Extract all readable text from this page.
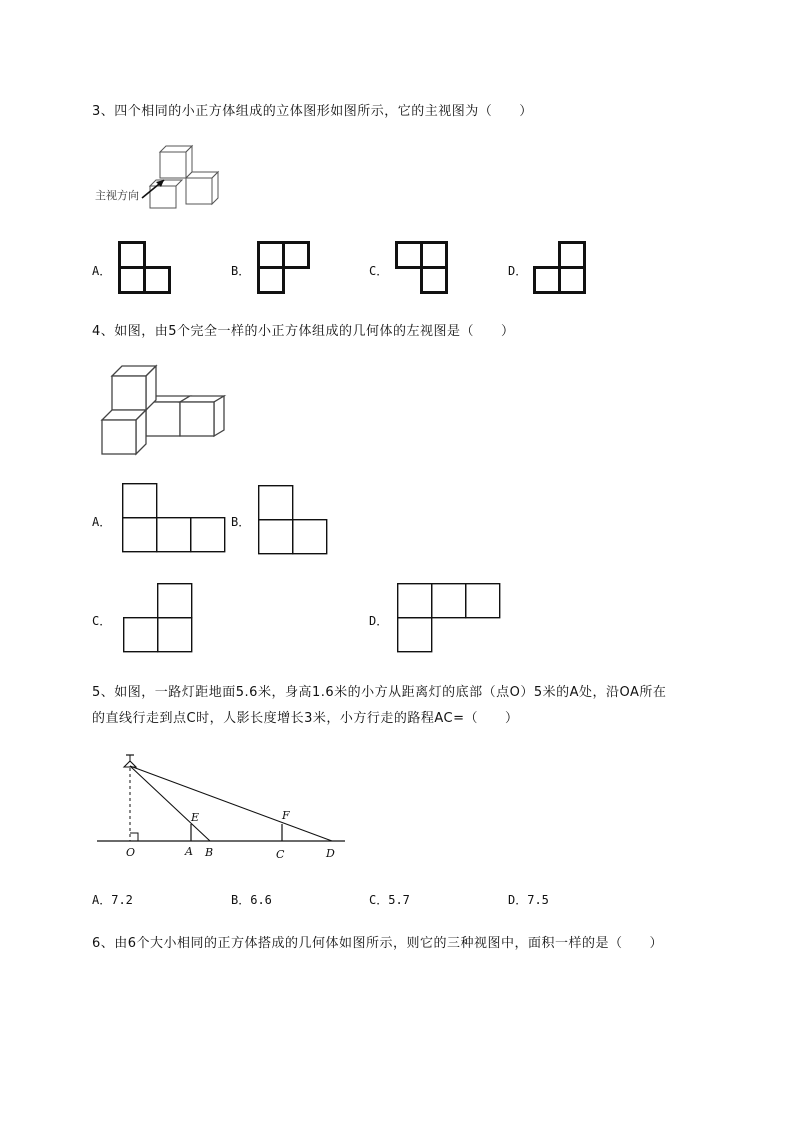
3、四个相同的小正方体组成的立体图形如图所示，它的主视图为（　　）
主视方向
A．	B．	C．	D．
4、如图，由5个完全一样的小正方体组成的几何体的左视图是（　　）
A．	B．
C．	D．
5、如图，一路灯距地面5.6米，身高1.6米的小方从距离灯的底部（点O）5米的A处，沿OA所在
的直线行走到点C时，人影长度增长3米，小方行走的路程AC=（　　）
O	A B	C	D
E	F
A．7.2	B．6.6	C．5.7	D．7.5
6、由6个大小相同的正方体搭成的几何体如图所示，则它的三种视图中，面积一样的是（　　）
